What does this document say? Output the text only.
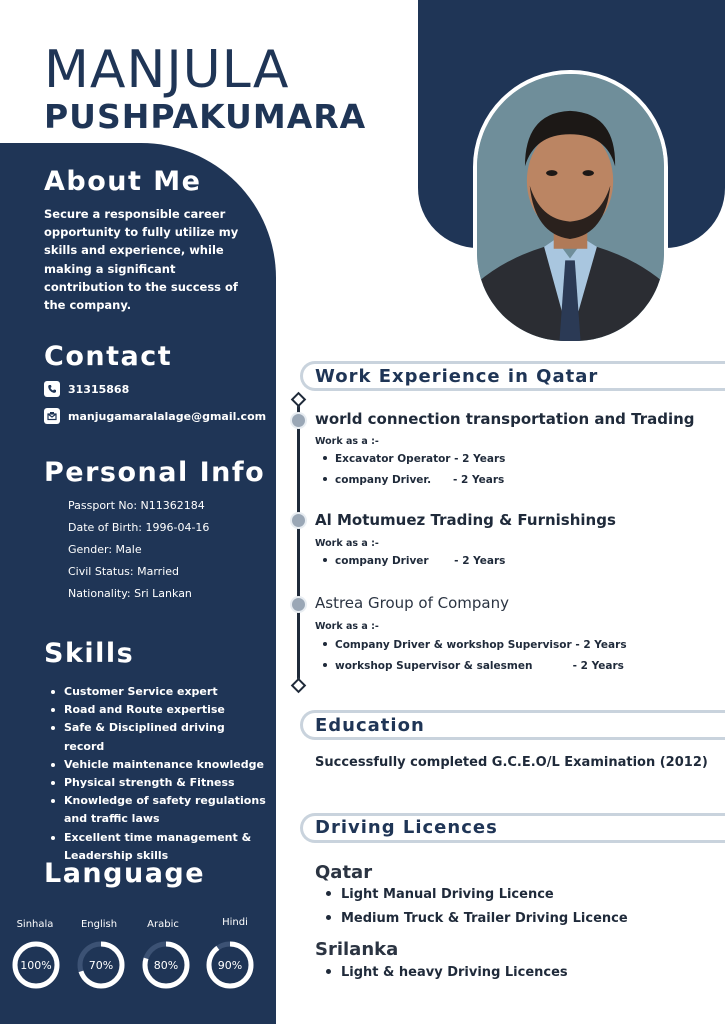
MANJULA
PUSHPAKUMARA
About Me
Secure a responsible career opportunity to fully utilize my skills and experience, while making a significant contribution to the success of the company.
Contact
31315868
manjugamaralalage@gmail.com
Personal Info
Passport No: N11362184
Date of Birth: 1996-04-16
Gender: Male
Civil Status: Married
Nationality: Sri Lankan
Skills
Customer Service expert
Road and Route expertise
Safe & Disciplined driving record
Vehicle maintenance knowledge
Physical strength & Fitness
Knowledge of safety regulations and traffic laws
Excellent time management & Leadership skills
Language
Sinhala	English	Arabic	Hindi
100%	70%	80%	90%
Work Experience in Qatar
world connection transportation and Trading
Work as a :-
Excavator Operator - 2 Years
company Driver.      - 2 Years
Al Motumuez Trading & Furnishings
Work as a :-
company Driver       - 2 Years
Astrea Group of Company
Work as a :-
Company Driver & workshop Supervisor - 2 Years
workshop Supervisor & salesmen           - 2 Years
Education
Successfully completed G.C.E.O/L Examination (2012)
Driving Licences
Qatar
Light Manual Driving Licence
Medium Truck & Trailer Driving Licence
Srilanka
Light & heavy Driving Licences
